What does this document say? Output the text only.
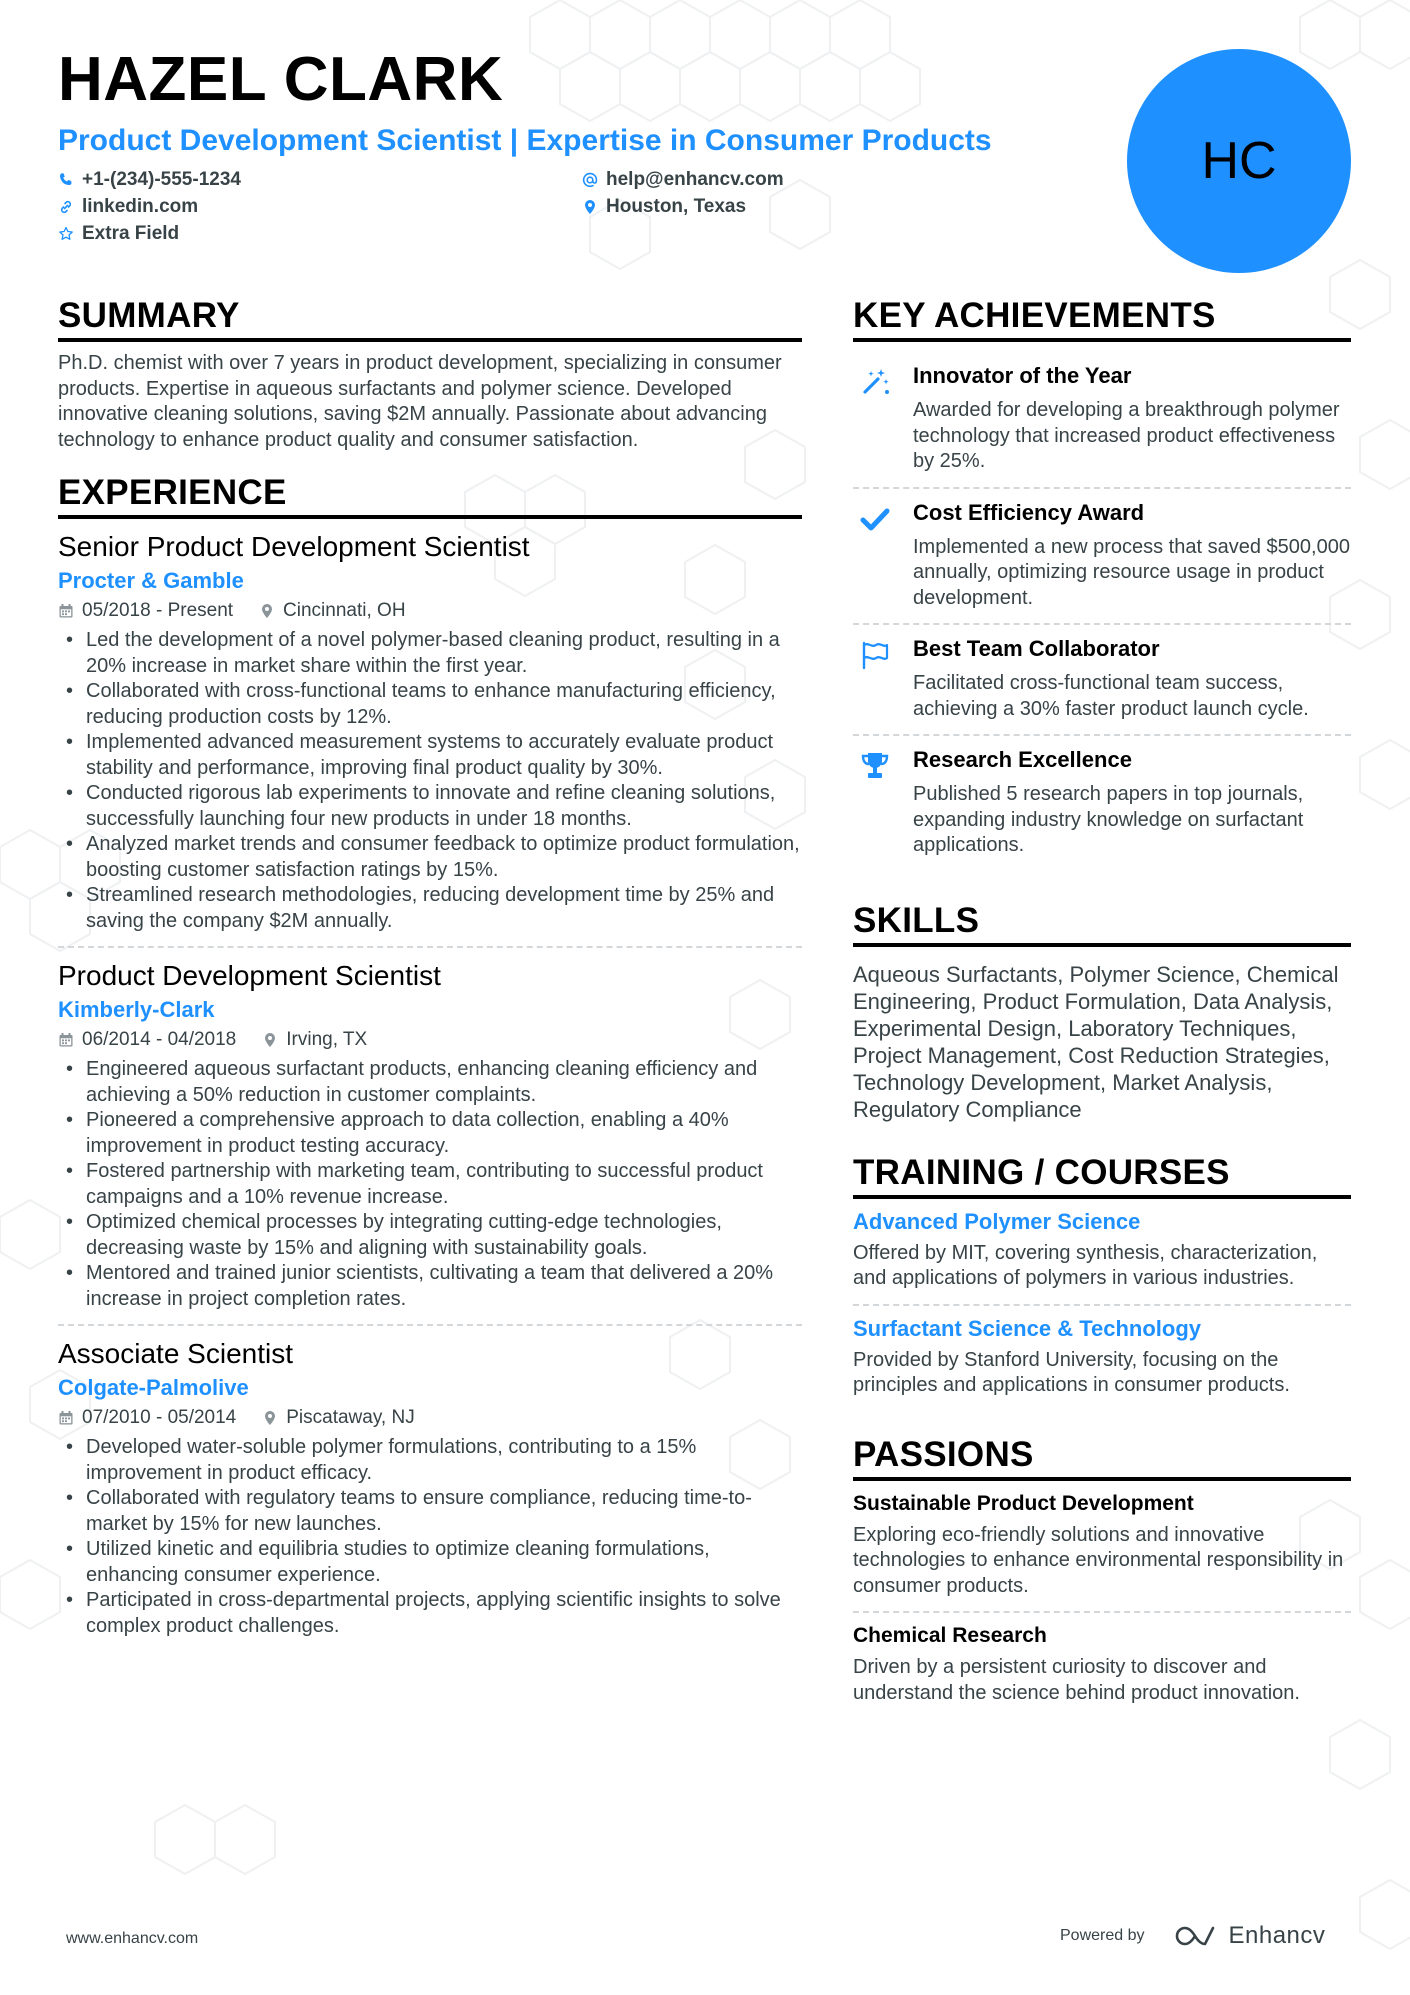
HAZEL CLARK
Product Development Scientist | Expertise in Consumer Products
+1-(234)-555-1234	help@enhancv.com
linkedin.com	Houston, Texas
Extra Field
HC
SUMMARY
Ph.D. chemist with over 7 years in product development, specializing in consumer products. Expertise in aqueous surfactants and polymer science. Developed innovative cleaning solutions, saving $2M annually. Passionate about advancing technology to enhance product quality and consumer satisfaction.
EXPERIENCE
Senior Product Development Scientist
Procter & Gamble
05/2018 - Present	Cincinnati, OH
• Led the development of a novel polymer-based cleaning product, resulting in a 20% increase in market share within the first year.
• Collaborated with cross-functional teams to enhance manufacturing efficiency, reducing production costs by 12%.
• Implemented advanced measurement systems to accurately evaluate product stability and performance, improving final product quality by 30%.
• Conducted rigorous lab experiments to innovate and refine cleaning solutions, successfully launching four new products in under 18 months.
• Analyzed market trends and consumer feedback to optimize product formulation, boosting customer satisfaction ratings by 15%.
• Streamlined research methodologies, reducing development time by 25% and saving the company $2M annually.
Product Development Scientist
Kimberly-Clark
06/2014 - 04/2018	Irving, TX
• Engineered aqueous surfactant products, enhancing cleaning efficiency and achieving a 50% reduction in customer complaints.
• Pioneered a comprehensive approach to data collection, enabling a 40% improvement in product testing accuracy.
• Fostered partnership with marketing team, contributing to successful product campaigns and a 10% revenue increase.
• Optimized chemical processes by integrating cutting-edge technologies, decreasing waste by 15% and aligning with sustainability goals.
• Mentored and trained junior scientists, cultivating a team that delivered a 20% increase in project completion rates.
Associate Scientist
Colgate-Palmolive
07/2010 - 05/2014	Piscataway, NJ
• Developed water-soluble polymer formulations, contributing to a 15% improvement in product efficacy.
• Collaborated with regulatory teams to ensure compliance, reducing time-to-market by 15% for new launches.
• Utilized kinetic and equilibria studies to optimize cleaning formulations, enhancing consumer experience.
• Participated in cross-departmental projects, applying scientific insights to solve complex product challenges.
KEY ACHIEVEMENTS
Innovator of the Year
Awarded for developing a breakthrough polymer technology that increased product effectiveness by 25%.
Cost Efficiency Award
Implemented a new process that saved $500,000 annually, optimizing resource usage in product development.
Best Team Collaborator
Facilitated cross-functional team success, achieving a 30% faster product launch cycle.
Research Excellence
Published 5 research papers in top journals, expanding industry knowledge on surfactant applications.
SKILLS
Aqueous Surfactants, Polymer Science, Chemical Engineering, Product Formulation, Data Analysis, Experimental Design, Laboratory Techniques, Project Management, Cost Reduction Strategies, Technology Development, Market Analysis, Regulatory Compliance
TRAINING / COURSES
Advanced Polymer Science
Offered by MIT, covering synthesis, characterization, and applications of polymers in various industries.
Surfactant Science & Technology
Provided by Stanford University, focusing on the principles and applications in consumer products.
PASSIONS
Sustainable Product Development
Exploring eco-friendly solutions and innovative technologies to enhance environmental responsibility in consumer products.
Chemical Research
Driven by a persistent curiosity to discover and understand the science behind product innovation.
www.enhancv.com	Powered by	Enhancv
